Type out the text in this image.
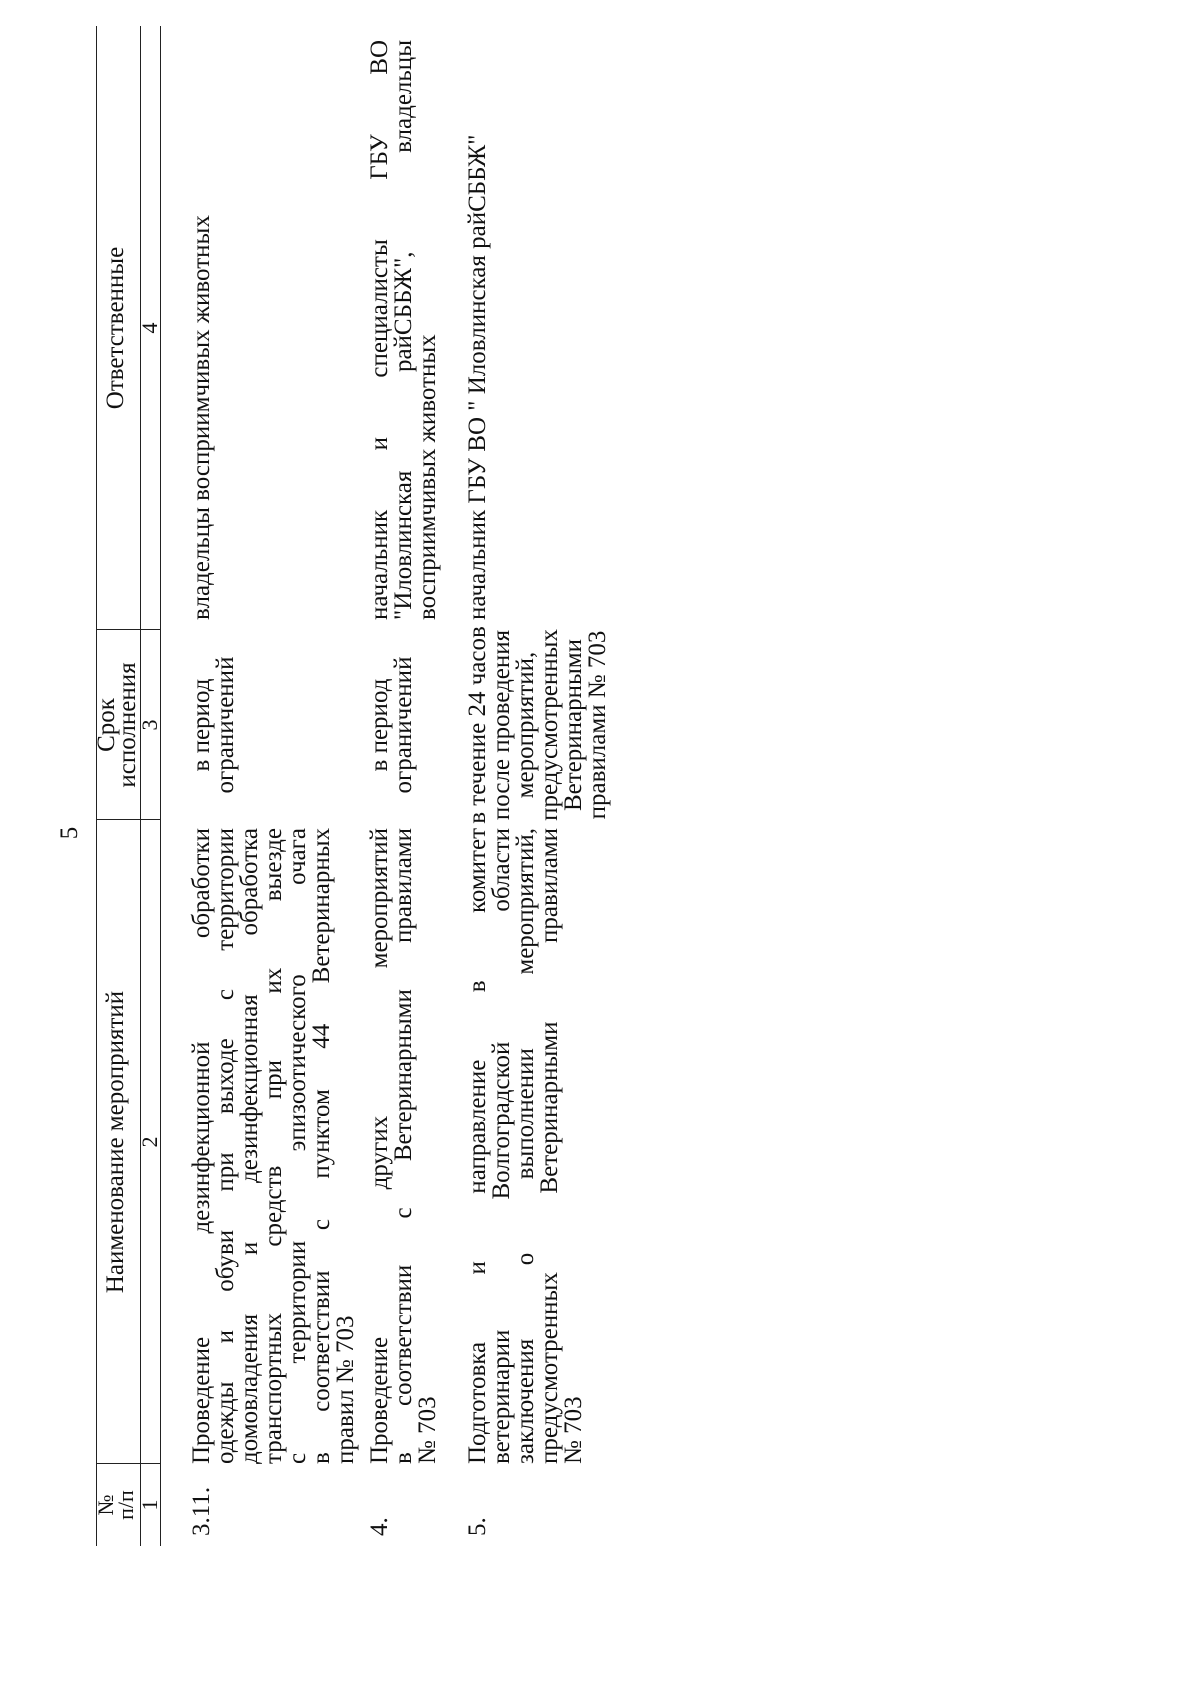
5
№
п/п
Наименование мероприятий
Срок
исполнения
Ответственные
1
2
3
4
3.11.
Проведение дезинфекционной обработки
одежды и обуви при выходе с территории
домовладения и дезинфекционная обработка
транспортных средств при их выезде
с территории эпизоотического очага
в соответствии с пунктом 44 Ветеринарных
правил № 703
в период
ограничений
владельцы восприимчивых животных
4.
Проведение других мероприятий
в соответствии с Ветеринарными правилами
№ 703
в период
ограничений
начальник и специалисты ГБУ ВО
"Иловлинская райСББЖ", владельцы
восприимчивых животных
5.
Подготовка и направление в комитет
ветеринарии Волгоградской области
заключения о выполнении мероприятий,
предусмотренных Ветеринарными правилами
№ 703
в течение 24 часов
после проведения
мероприятий,
предусмотренных
Ветеринарными
правилами № 703
начальник ГБУ ВО " Иловлинская райСББЖ"
